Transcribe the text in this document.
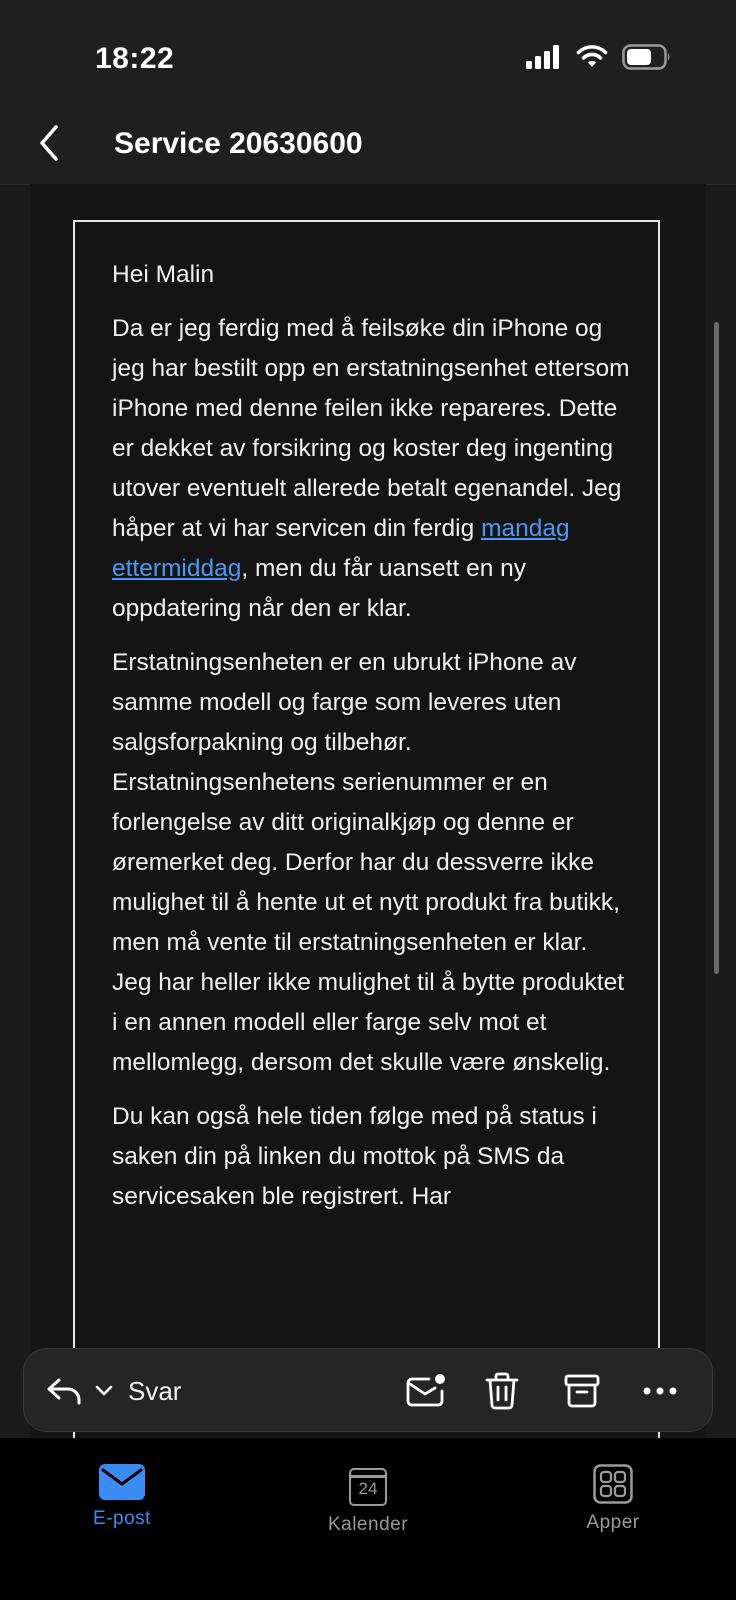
18:22
Service 20630600

Hei Malin

Da er jeg ferdig med å feilsøke din iPhone og jeg har bestilt opp en erstatningsenhet ettersom iPhone med denne feilen ikke repareres. Dette er dekket av forsikring og koster deg ingenting utover eventuelt allerede betalt egenandel. Jeg håper at vi har servicen din ferdig mandag ettermiddag, men du får uansett en ny oppdatering når den er klar.

Erstatningsenheten er en ubrukt iPhone av samme modell og farge som leveres uten salgsforpakning og tilbehør. Erstatningsenhetens serienummer er en forlengelse av ditt originalkjøp og denne er øremerket deg. Derfor har du dessverre ikke mulighet til å hente ut et nytt produkt fra butikk, men må vente til erstatningsenheten er klar. Jeg har heller ikke mulighet til å bytte produktet i en annen modell eller farge selv mot et mellomlegg, dersom det skulle være ønskelig.

Du kan også hele tiden følge med på status i saken din på linken du mottok på SMS da servicesaken ble registrert. Har

Svar
E-post
24
Kalender	Apper
